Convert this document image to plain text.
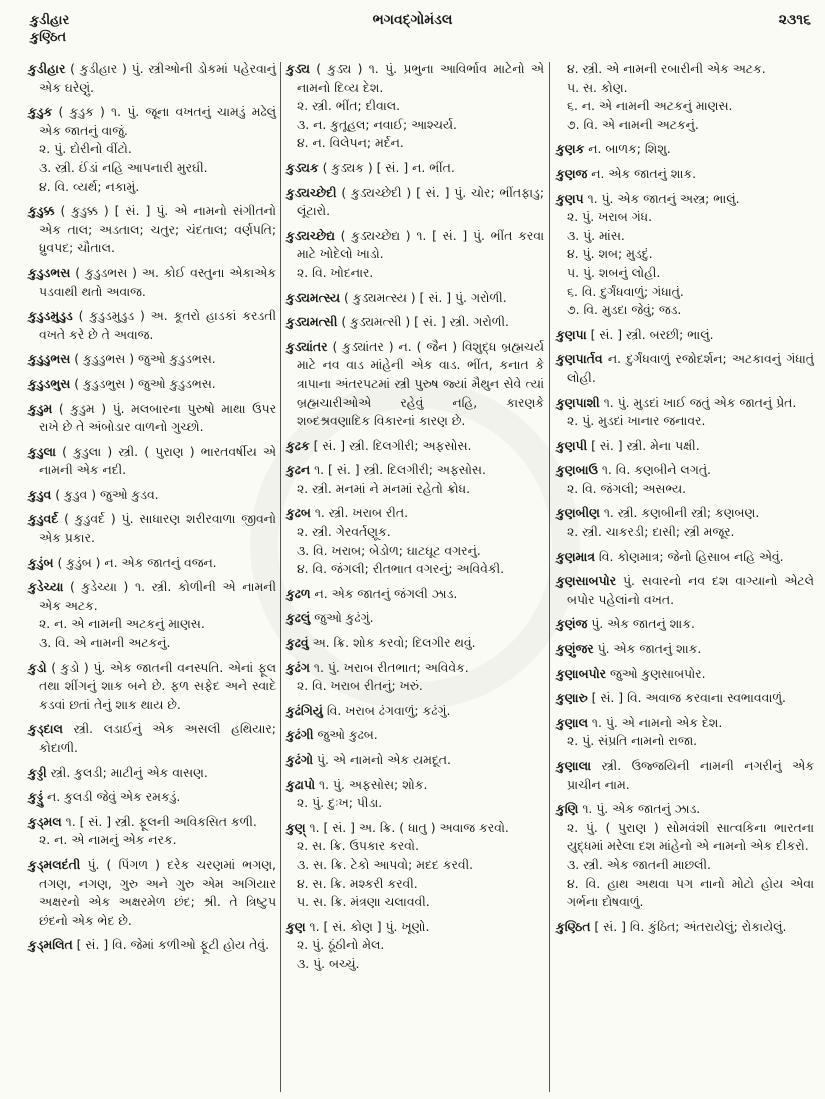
કુડીહાર
કુણ્ઠિત
ભગવદ્ગોમંડલ	૨૩૧૬
કુડીહાર ( કુડીહાર ) પું. સ્ત્રીઓની ડોકમાં પહેરવાનું એક ઘરેણું.
કુડુક ( કુડુક ) ૧. પું. જૂના વખતનું ચામડું મઢેલું એક જાતનું વાજું.
૨. પું. દોરીનો વીંટો.
૩. સ્ત્રી. ઈંડાં નહિ આપનારી મુરઘી.
૪. વિ. વ્યર્થ; નકામું.
કુડુક્ક ( કુડુક્ક ) [ સં. ] પું. એ નામનો સંગીતનો એક તાલ; અડતાલ; ચતુર; ચંદતાલ; વર્ણપતિ; ધ્રુવપદ; ચૌતાલ.
કુડુડભસ ( કુડુડભસ ) અ. કોઈ વસ્તુના એકાએક પડવાથી થતો અવાજ.
કુડુડમુડુડ ( કુડુડમુડુડ ) અ. કૂતરો હાડકાં કરડતી વખતે કરે છે તે અવાજ.
કુડુડુભસ ( કુડુડુભસ ) જુઓ કુડુડભસ.
કુડુડભુસ ( કુડુડભુસ ) જુઓ કુડુડભસ.
કુડુમ ( કુડુમ ) પું. મલબારના પુરુષો માથા ઉપર રાખે છે તે અંબોડાર વાળનો ગુચ્છો.
કુડુલા ( કુડુલા ) સ્ત્રી. ( પુરાણ ) ભારતવર્ષીય એ નામની એક નદી.
કુડુવ ( કુડુવ ) જુઓ કુડવ.
કુડુવર્દ ( કુડુવર્દ ) પું. સાધારણ શરીરવાળા જીવનો એક પ્રકાર.
કુડુંબ ( કુડુંબ ) ન. એક જાતનું વજન.
કુડેચ્યા ( કુડેચ્યા ) ૧. સ્ત્રી. કોળીની એ નામની એક અટક.
૨. ન. એ નામની અટકનું માણસ.
૩. વિ. એ નામની અટકનું.
કુડો ( કુડો ) પું. એક જાતની વનસ્પતિ. એનાં ફૂલ તથા શીંગનું શાક બને છે. ફળ સફેદ અને સ્વાદે કડવાં છતાં તેનું શાક થાય છે.
કુડ્દાલ સ્ત્રી. લડાઈનું એક અસલી હથિયાર; કોદાળી.
કુડ્ડી સ્ત્રી. કુલડી; માટીનું એક વાસણ.
કુડ્ડું ન. કુલડી જેવું એક રમકડું.
કુડ્મલ ૧. [ સં. ] સ્ત્રી. ફૂલની અવિકસિત કળી.
૨. ન. એ નામનું એક નરક.
કુડ્મલદંતી પું. ( પિંગળ ) દરેક ચરણમાં ભગણ, તગણ, નગણ, ગુરુ અને ગુરુ એમ અગિયાર અક્ષરનો એક અક્ષરમેળ છંદ; શ્રી. તે ત્રિષ્ટુપ છંદનો એક ભેદ છે.
કુડ્મલિત [ સં. ] વિ. જેમાં કળીઓ ફૂટી હોય તેવું.
કુડ્ય ( કુડ્ય ) ૧. પું. પ્રભુના આવિર્ભાવ માટેનો એ નામનો દિવ્ય દેશ.
૨. સ્ત્રી. ભીંત; દીવાલ.
૩. ન. કુતૂહલ; નવાઈ; આશ્ચર્ય.
૪. ન. વિલેપન; મર્દન.
કુડ્યક ( કુડ્યક ) [ સં. ] ન. ભીંત.
કુડ્યચ્છેદી ( કુડ્યચ્છેદી ) [ સં. ] પું. ચોર; ભીંતફાડુ; લૂંટારો.
કુડ્યચ્છેદ્ય ( કુડ્યચ્છેદ્ય ) ૧. [ સં. ] પું. ભીંત કરવા માટે ખોદેલો ખાડો.
૨. વિ. ખોદનાર.
કુડ્યમત્સ્ય ( કુડ્યમત્સ્ય ) [ સં. ] પું. ગરોળી.
કુડ્યમત્સી ( કુડ્યમત્સી ) [ સં. ] સ્ત્રી. ગરોળી.
કુડ્યાંતર ( કુડ્યાંતર ) ન. ( જૈન ) વિશુદ્ધ બ્રહ્મચર્ય માટે નવ વાડ માંહેની એક વાડ. ભીંત, કનાત કે ત્રાપાના અંતરપટમાં સ્ત્રી પુરુષ જ્યાં મૈથુન સેવે ત્યાં બ્રહ્મચારીઓએ રહેવું નહિ, કારણકે શબ્દશ્રવણાદિક વિકારનાં કારણ છે.
કુઢક [ સં. ] સ્ત્રી. દિલગીરી; અફસોસ.
કુઢન ૧. [ સં. ] સ્ત્રી. દિલગીરી; અફસોસ.
૨. સ્ત્રી. મનમાં ને મનમાં રહેતો ક્રોધ.
કુઢબ ૧. સ્ત્રી. ખરાબ રીત.
૨. સ્ત્રી. ગેરવર્તણૂક.
૩. વિ. ખરાબ; બેડોળ; ઘાટઘૂટ વગરનું.
૪. વિ. જંગલી; રીતભાત વગરનું; અવિવેકી.
કુઢળ ન. એક જાતનું જંગલી ઝાડ.
કુઢલું જુઓ કુઢંગું.
કુઢવું અ. ક્રિ. શોક કરવો; દિલગીર થવું.
કુઢંગ ૧. પું. ખરાબ રીતભાત; અવિવેક.
૨. વિ. ખરાબ રીતનું; ખરું.
કુઢંગિયું વિ. ખરાબ ઢંગવાળું; કઢંગું.
કુઢંગી જુઓ કુઢબ.
કુઢંગો પું. એ નામનો એક યમદૂત.
કુઢાપો ૧. પું. અફસોસ; શોક.
૨. પું. દુઃખ; પીડા.
કુણ્ ૧. [ સં. ] અ. ક્રિ. ( ધાતુ ) અવાજ કરવો.
૨. સ. ક્રિ. ઉપકાર કરવો.
૩. સ. ક્રિ. ટેકો આપવો; મદદ કરવી.
૪. સ. ક્રિ. મશ્કરી કરવી.
૫. સ. ક્રિ. મંત્રણા ચલાવવી.
કુણ ૧. [ સં. કોણ ] પું. ખૂણો.
૨. પું. ઠૂંઠીનો મેલ.
૩. પું. બચ્ચું.
૪. સ્ત્રી. એ નામની રબારીની એક અટક.
૫. સ. કોણ.
૬. ન. એ નામની અટકનું માણસ.
૭. વિ. એ નામની અટકનું.
કુણક ન. બાળક; શિશુ.
કુણજ ન. એક જાતનું શાક.
કુણપ ૧. પું. એક જાતનું અસ્ત્ર; ભાલું.
૨. પું. ખરાબ ગંધ.
૩. પું. માંસ.
૪. પું. શબ; મુડદું.
૫. પું. શબનું લોહી.
૬. વિ. દુર્ગંધવાળું; ગંધાતું.
૭. વિ. મુડદા જેવું; જડ.
કુણપા [ સં. ] સ્ત્રી. બરછી; ભાલું.
કુણપાર્તવ ન. દુર્ગંધવાળું રજોદર્શન; અટકાવનું ગંધાતું લોહી.
કુણપાશી ૧. પું. મુડદાં ખાઈ જતું એક જાતનું પ્રેત.
૨. પું. મુડદાં ખાનાર જનાવર.
કુણપી [ સં. ] સ્ત્રી. મેના પક્ષી.
કુણબાઉ ૧. વિ. કણબીને લગતું.
૨. વિ. જંગલી; અસભ્ય.
કુણબીણ ૧. સ્ત્રી. કણબીની સ્ત્રી; કણબણ.
૨. સ્ત્રી. ચાકરડી; દાસી; સ્ત્રી મજૂર.
કુણમાત્ર વિ. કોણમાત્ર; જેનો હિસાબ નહિ એવું.
કુણસાબપોર પું. સવારનો નવ દશ વાગ્યાનો એટલે બપોર પહેલાંનો વખત.
કુણંજ પું. એક જાતનું શાક.
કુણુંજર પું. એક જાતનું શાક.
કુણાબપોર જુઓ કુણસાબપોર.
કુણારુ [ સં. ] વિ. અવાજ કરવાના સ્વભાવવાળું.
કુણાલ ૧. પું. એ નામનો એક દેશ.
૨. પું. સંપ્રતિ નામનો રાજા.
કુણાલા સ્ત્રી. ઉજ્જયિની નામની નગરીનું એક પ્રાચીન નામ.
કુણિ ૧. પું. એક જાતનું ઝાડ.
૨. પું. ( પુરાણ ) સોમવંશી સાત્વકિના ભારતના યુદ્ધમાં મરેલા દશ માંહેનો એ નામનો એક દીકરો.
૩. સ્ત્રી. એક જાતની માછલી.
૪. વિ. હાથ અથવા પગ નાનો મોટો હોય એવા ગર્ભના દોષવાળું.
કુણ્ઠિત [ સં. ] વિ. કુંઠિત; અંતરાયેલું; રોકાયેલું.
